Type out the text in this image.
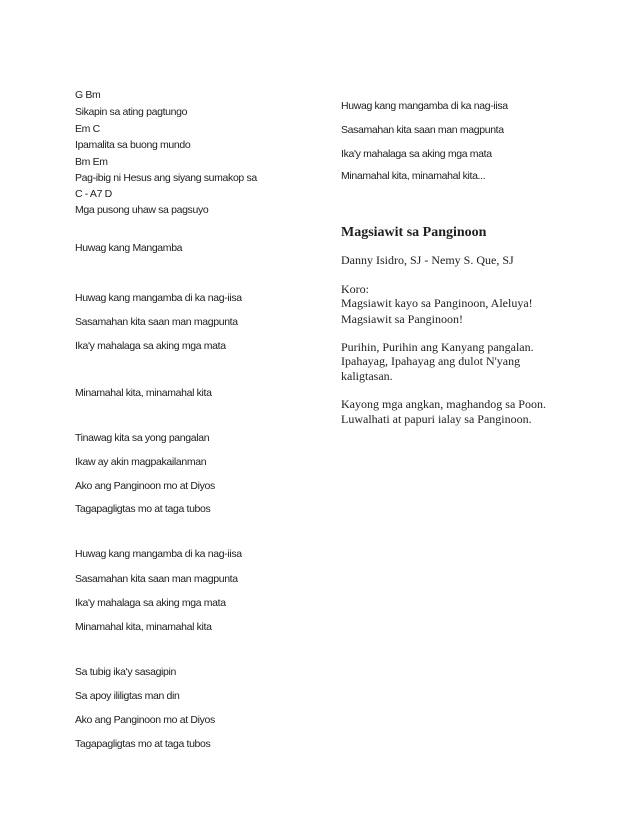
G Bm
Sikapin sa ating pagtungo
Em C
Ipamalita sa buong mundo
Bm Em
Pag-ibig ni Hesus ang siyang sumakop sa
C - A7 D
Mga pusong uhaw sa pagsuyo
Huwag kang Mangamba
Huwag kang mangamba di ka nag-iisa
Sasamahan kita saan man magpunta
Ika'y mahalaga sa aking mga mata
Minamahal kita, minamahal kita
Tinawag kita sa yong pangalan
Ikaw ay akin magpakailanman
Ako ang Panginoon mo at Diyos
Tagapagligtas mo at taga tubos
Huwag kang mangamba di ka nag-iisa
Sasamahan kita saan man magpunta
Ika'y mahalaga sa aking mga mata
Minamahal kita, minamahal kita
Sa tubig ika'y sasagipin
Sa apoy ililigtas man din
Ako ang Panginoon mo at Diyos
Tagapagligtas mo at taga tubos
Huwag kang mangamba di ka nag-iisa
Sasamahan kita saan man magpunta
Ika'y mahalaga sa aking mga mata
Minamahal kita, minamahal kita...
Magsiawit sa Panginoon
Danny Isidro, SJ - Nemy S. Que, SJ
Koro:
Magsiawit kayo sa Panginoon, Aleluya!
Magsiawit sa Panginoon!
Purihin, Purihin ang Kanyang pangalan.
Ipahayag, Ipahayag ang dulot N'yang
kaligtasan.
Kayong mga angkan, maghandog sa Poon.
Luwalhati at papuri ialay sa Panginoon.
